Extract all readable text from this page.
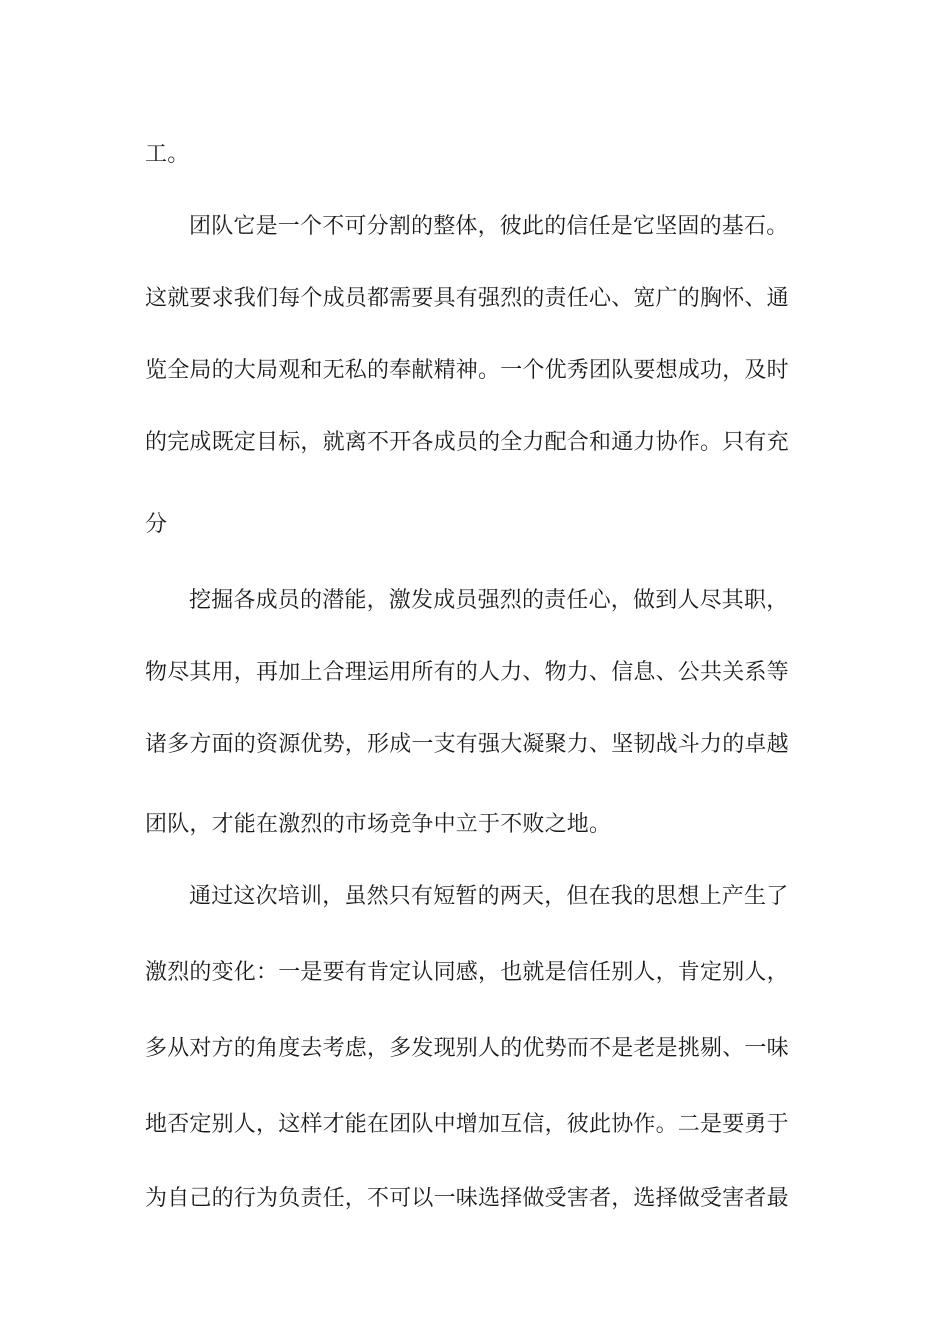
工。
团队它是一个不可分割的整体，彼此的信任是它坚固的基石。
这就要求我们每个成员都需要具有强烈的责任心、宽广的胸怀、通
览全局的大局观和无私的奉献精神。一个优秀团队要想成功，及时
的完成既定目标，就离不开各成员的全力配合和通力协作。只有充
分
挖掘各成员的潜能，激发成员强烈的责任心，做到人尽其职，
物尽其用，再加上合理运用所有的人力、物力、信息、公共关系等
诸多方面的资源优势，形成一支有强大凝聚力、坚韧战斗力的卓越
团队，才能在激烈的市场竞争中立于不败之地。
通过这次培训，虽然只有短暂的两天，但在我的思想上产生了
激烈的变化：一是要有肯定认同感，也就是信任别人，肯定别人，
多从对方的角度去考虑，多发现别人的优势而不是老是挑剔、一味
地否定别人，这样才能在团队中增加互信，彼此协作。二是要勇于
为自己的行为负责任，不可以一味选择做受害者，选择做受害者最
